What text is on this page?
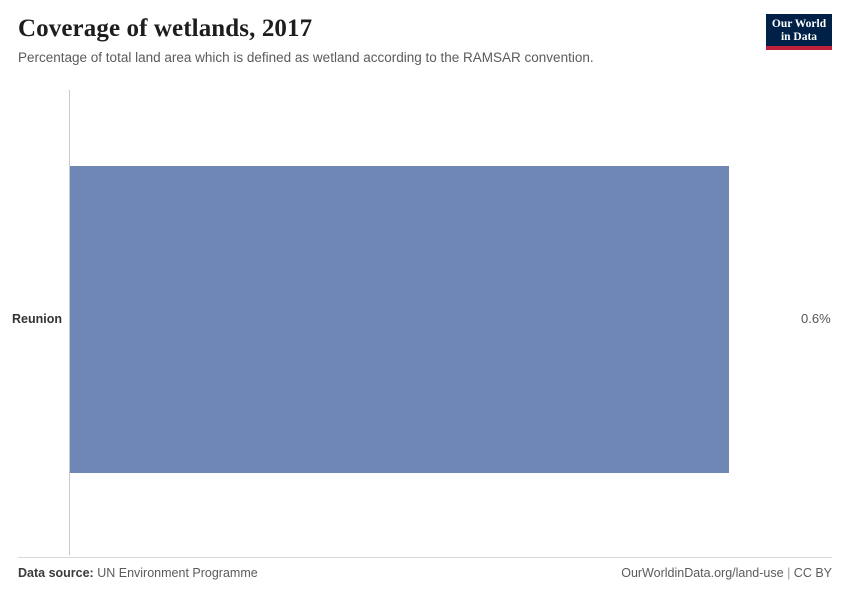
Coverage of wetlands, 2017

Percentage of total land area which is defined as wetland according to the RAMSAR convention.

Our World
in Data
Reunion	0.6%
Data source: UN Environment Programme	OurWorldinData.org/land-use | CC BY
